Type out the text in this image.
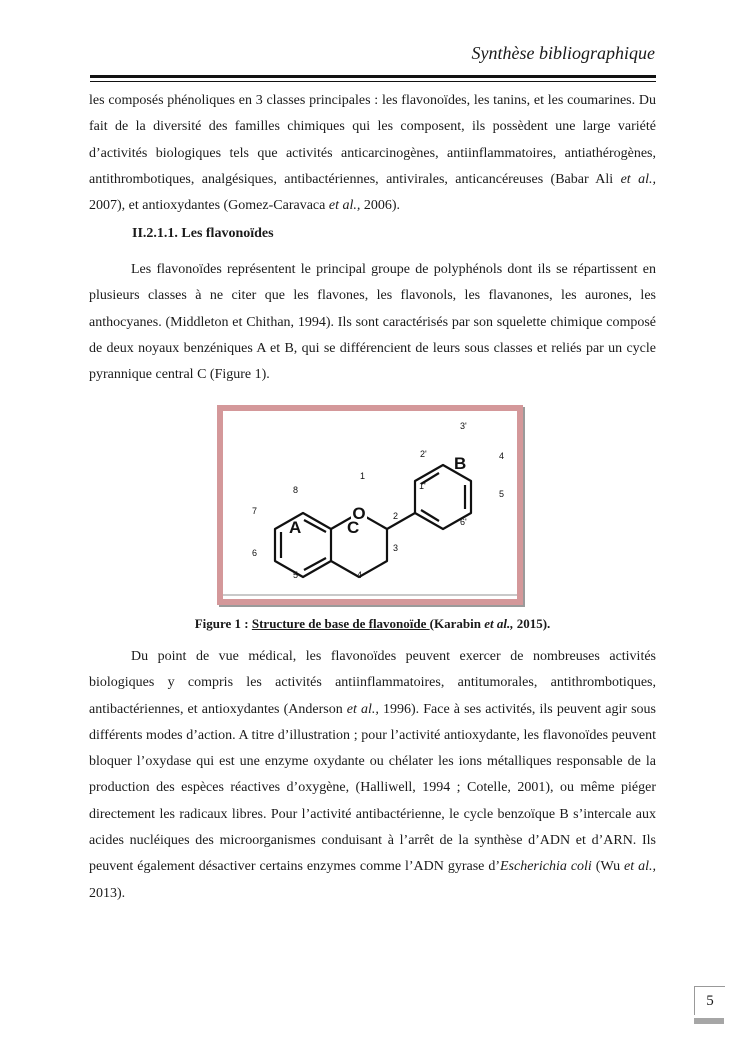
Synthèse bibliographique

les composés phénoliques en 3 classes principales : les flavonoïdes, les tanins, et les coumarines. Du fait de la diversité des familles chimiques qui les composent, ils possèdent une large variété d’activités biologiques tels que activités anticarcinogènes, antiinflammatoires, antiathérogènes, antithrombotiques, analgésiques, antibactériennes, antivirales, anticancéreuses (Babar Ali et al., 2007), et antioxydantes (Gomez-Caravaca et al., 2006).

II.2.1.1. Les flavonoïdes

Les flavonoïdes représentent le principal groupe de polyphénols dont ils se répartissent en plusieurs classes à ne citer que les flavones, les flavonols, les flavanones, les aurones, les anthocyanes. (Middleton et Chithan, 1994). Ils sont caractérisés par son squelette chimique composé de deux noyaux benzéniques A et B, qui se différencient de leurs sous classes et reliés par un cycle pyrannique central C (Figure 1).

O
A	C
B
1
2
3
4
5
6
7
8	1'
2'
3'
4
5
6'
Figure 1 : Structure de base de flavonoïde (Karabin et al., 2015).

Du point de vue médical, les flavonoïdes peuvent exercer de nombreuses activités biologiques y compris les activités antiinflammatoires, antitumorales, antithrombotiques, antibactériennes, et antioxydantes (Anderson et al., 1996). Face à ses activités, ils peuvent agir sous différents modes d’action. A titre d’illustration ; pour l’activité antioxydante, les flavonoïdes peuvent bloquer l’oxydase qui est une enzyme oxydante ou chélater les ions métalliques responsable de la production des espèces réactives d’oxygène, (Halliwell, 1994 ; Cotelle, 2001), ou même piéger directement les radicaux libres. Pour l’activité antibactérienne, le cycle benzoïque B s’intercale aux acides nucléiques des microorganismes conduisant à l’arrêt de la synthèse d’ADN et d’ARN. Ils peuvent également désactiver certains enzymes comme l’ADN gyrase d’Escherichia coli (Wu et al., 2013).

5
